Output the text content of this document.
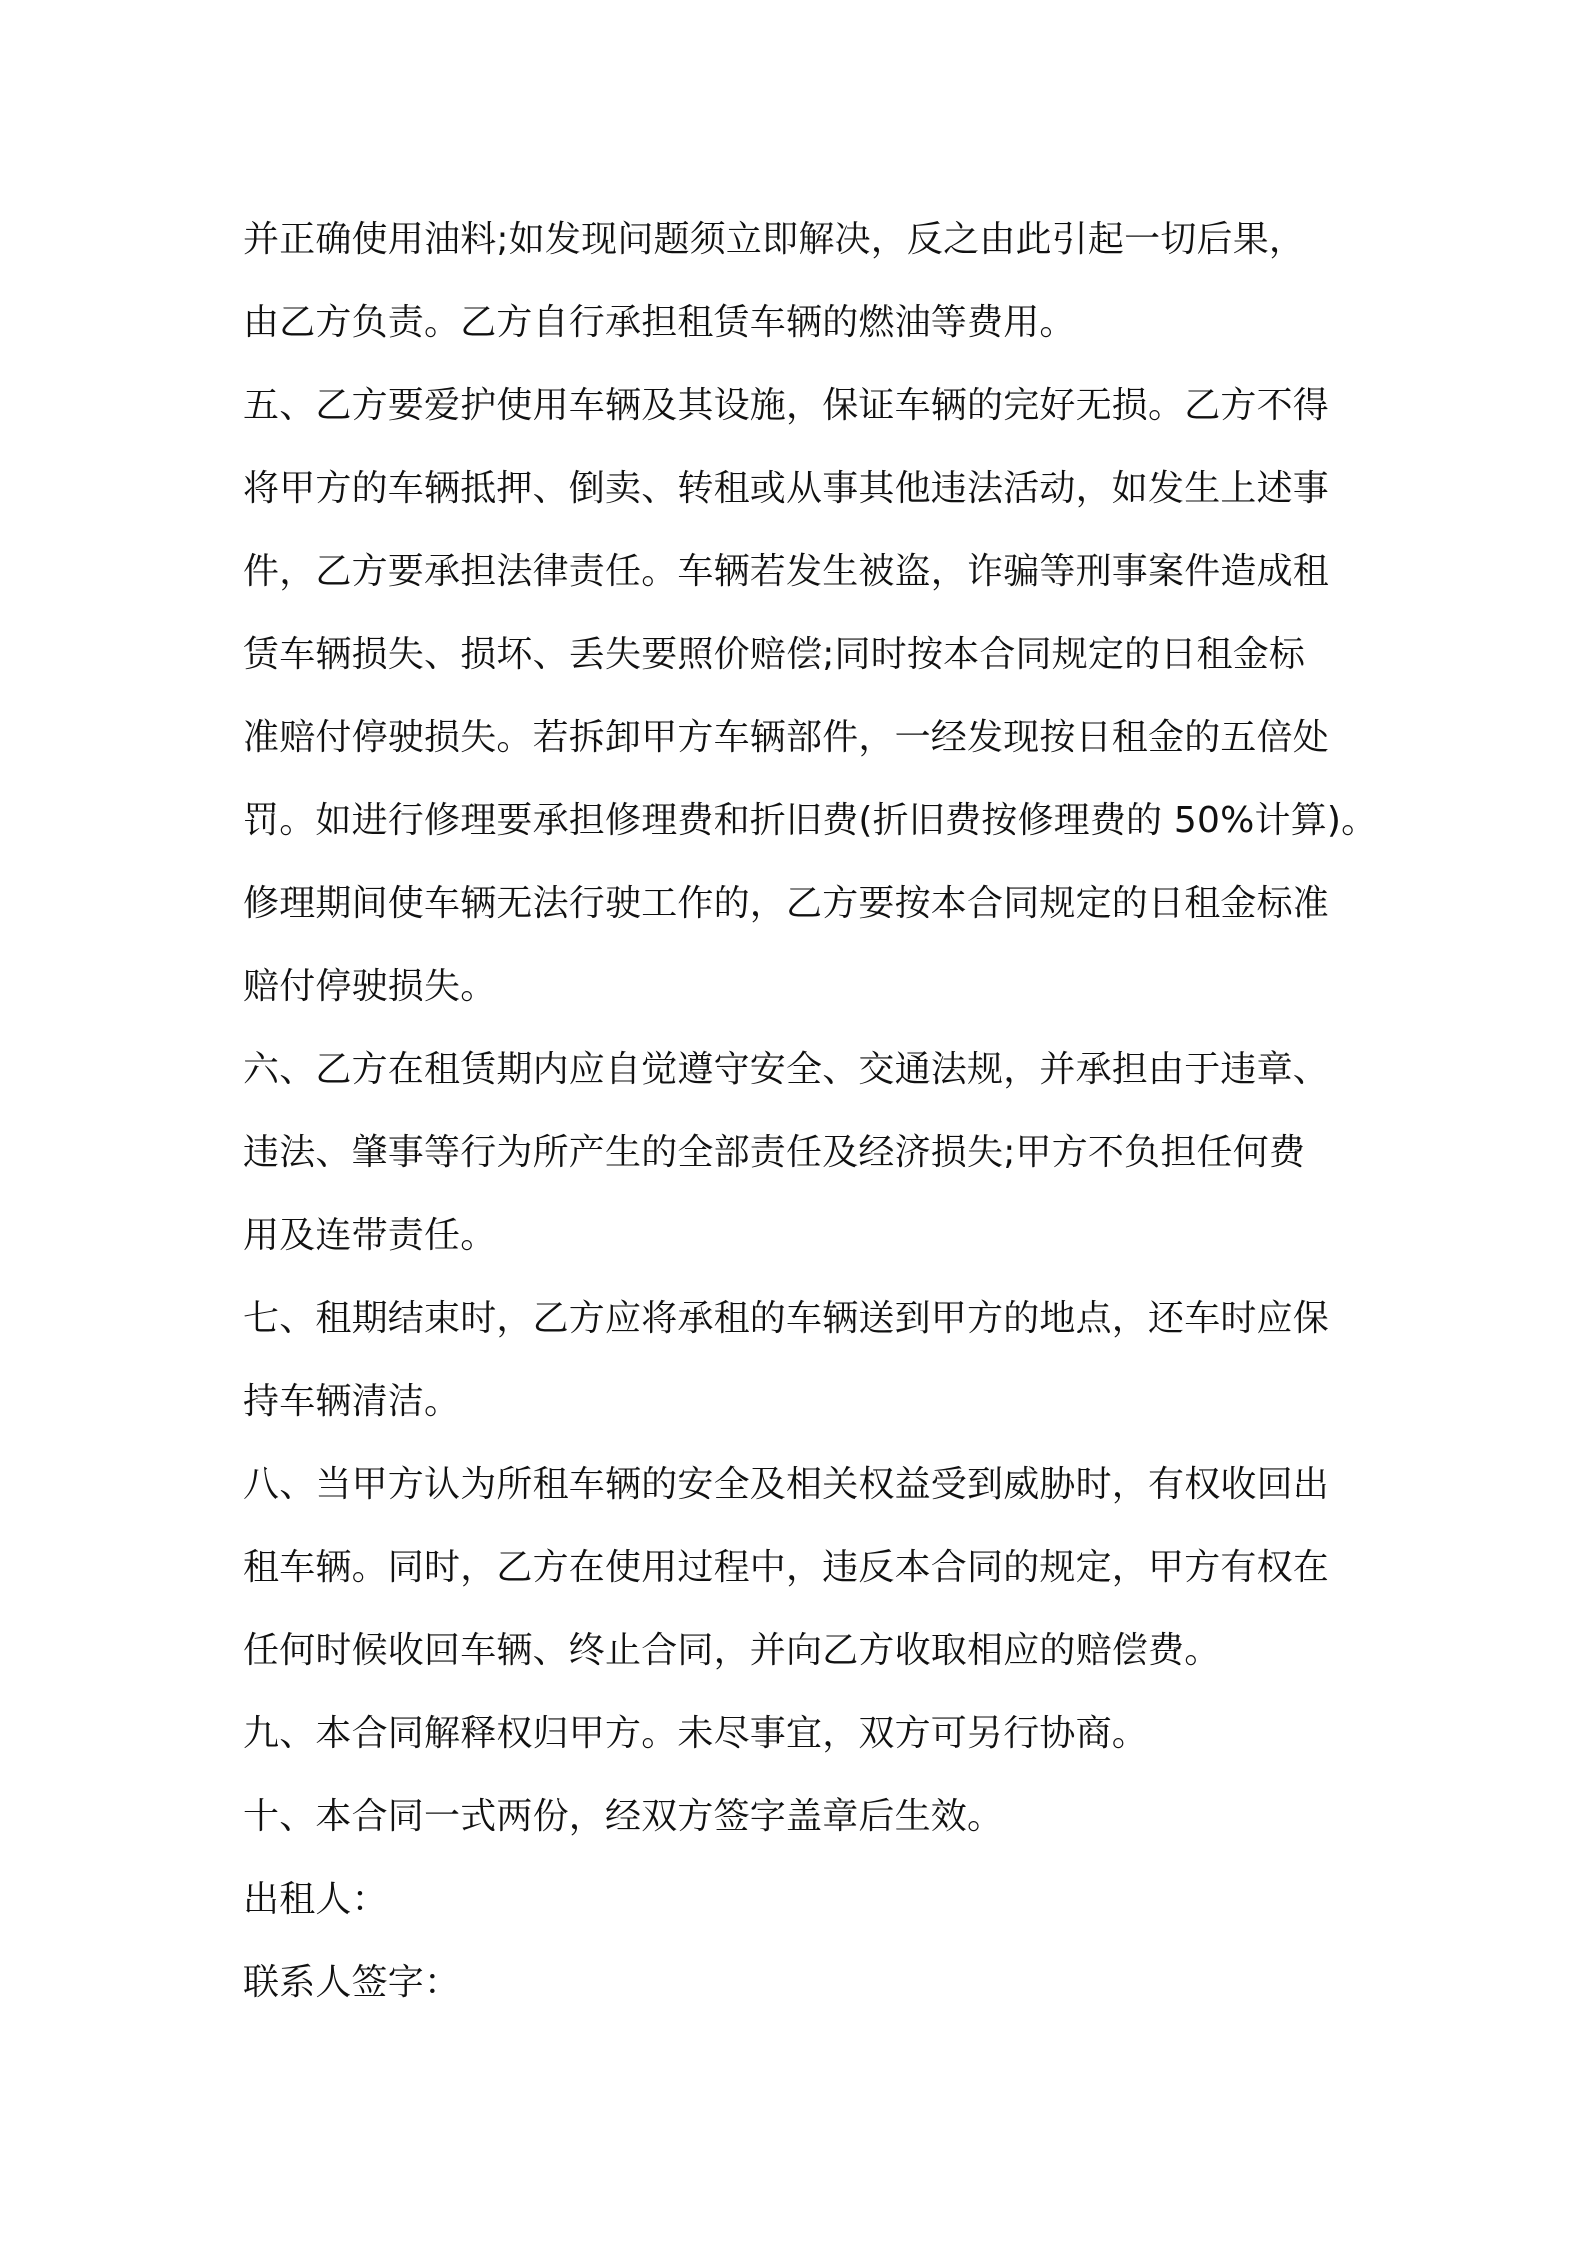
并正确使用油料;如发现问题须立即解决，反之由此引起一切后果，
由乙方负责。乙方自行承担租赁车辆的燃油等费用。
五、乙方要爱护使用车辆及其设施，保证车辆的完好无损。乙方不得
将甲方的车辆抵押、倒卖、转租或从事其他违法活动，如发生上述事
件，乙方要承担法律责任。车辆若发生被盗，诈骗等刑事案件造成租
赁车辆损失、损坏、丢失要照价赔偿;同时按本合同规定的日租金标
准赔付停驶损失。若拆卸甲方车辆部件，一经发现按日租金的五倍处
罚。如进行修理要承担修理费和折旧费(折旧费按修理费的 50%计算)。
修理期间使车辆无法行驶工作的，乙方要按本合同规定的日租金标准
赔付停驶损失。
六、乙方在租赁期内应自觉遵守安全、交通法规，并承担由于违章、
违法、肇事等行为所产生的全部责任及经济损失;甲方不负担任何费
用及连带责任。
七、租期结束时，乙方应将承租的车辆送到甲方的地点，还车时应保
持车辆清洁。
八、当甲方认为所租车辆的安全及相关权益受到威胁时，有权收回出
租车辆。同时，乙方在使用过程中，违反本合同的规定，甲方有权在
任何时候收回车辆、终止合同，并向乙方收取相应的赔偿费。
九、本合同解释权归甲方。未尽事宜，双方可另行协商。
十、本合同一式两份，经双方签字盖章后生效。
出租人：
联系人签字：
